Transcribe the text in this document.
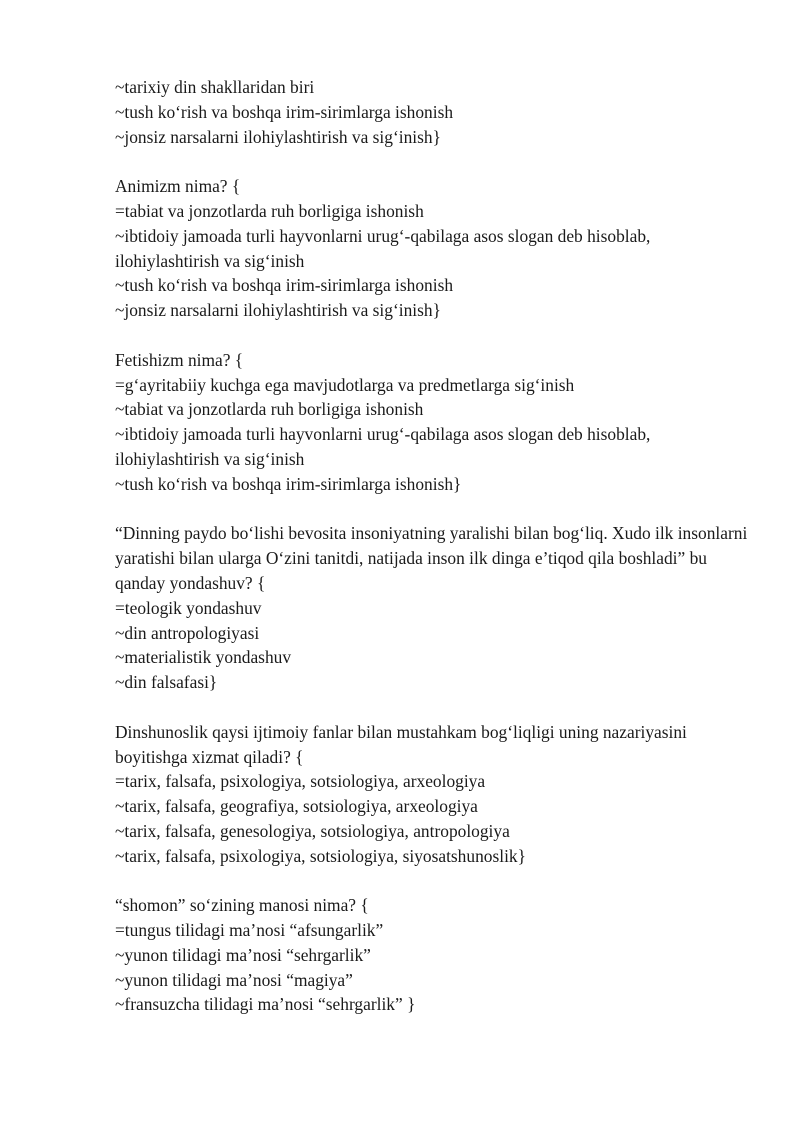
~tarixiy din shakllaridan biri
~tush ko‘rish va boshqa irim-sirimlarga ishonish
~jonsiz narsalarni ilohiylashtirish va sig‘inish}
Animizm nima? {
=tabiat va jonzotlarda ruh borligiga ishonish
~ibtidoiy jamoada turli hayvonlarni urug‘-qabilaga asos slogan deb hisoblab, ilohiylashtirish va sig‘inish
~tush ko‘rish va boshqa irim-sirimlarga ishonish
~jonsiz narsalarni ilohiylashtirish va sig‘inish}
Fetishizm nima? {
=g‘ayritabiiy kuchga ega mavjudotlarga va predmetlarga sig‘inish
~tabiat va jonzotlarda ruh borligiga ishonish
~ibtidoiy jamoada turli hayvonlarni urug‘-qabilaga asos slogan deb hisoblab, ilohiylashtirish va sig‘inish
~tush ko‘rish va boshqa irim-sirimlarga ishonish}
“Dinning paydo bo‘lishi bevosita insoniyatning yaralishi bilan bog‘liq. Xudo ilk insonlarni yaratishi bilan ularga O‘zini tanitdi, natijada inson ilk dinga e’tiqod qila boshladi” bu qanday yondashuv? {
=teologik yondashuv
~din antropologiyasi
~materialistik yondashuv
~din falsafasi}
Dinshunoslik qaysi ijtimoiy fanlar bilan mustahkam bog‘liqligi uning nazariyasini boyitishga xizmat qiladi? {
=tarix, falsafa, psixologiya, sotsiologiya, arxeologiya
~tarix, falsafa, geografiya, sotsiologiya, arxeologiya
~tarix, falsafa, genesologiya, sotsiologiya, antropologiya
~tarix, falsafa, psixologiya, sotsiologiya, siyosatshunoslik}
“shomon” so‘zining manosi nima? {
=tungus tilidagi ma’nosi “afsungarlik”
~yunon tilidagi ma’nosi “sehrgarlik”
~yunon tilidagi ma’nosi “magiya”
~fransuzcha tilidagi ma’nosi “sehrgarlik” }
